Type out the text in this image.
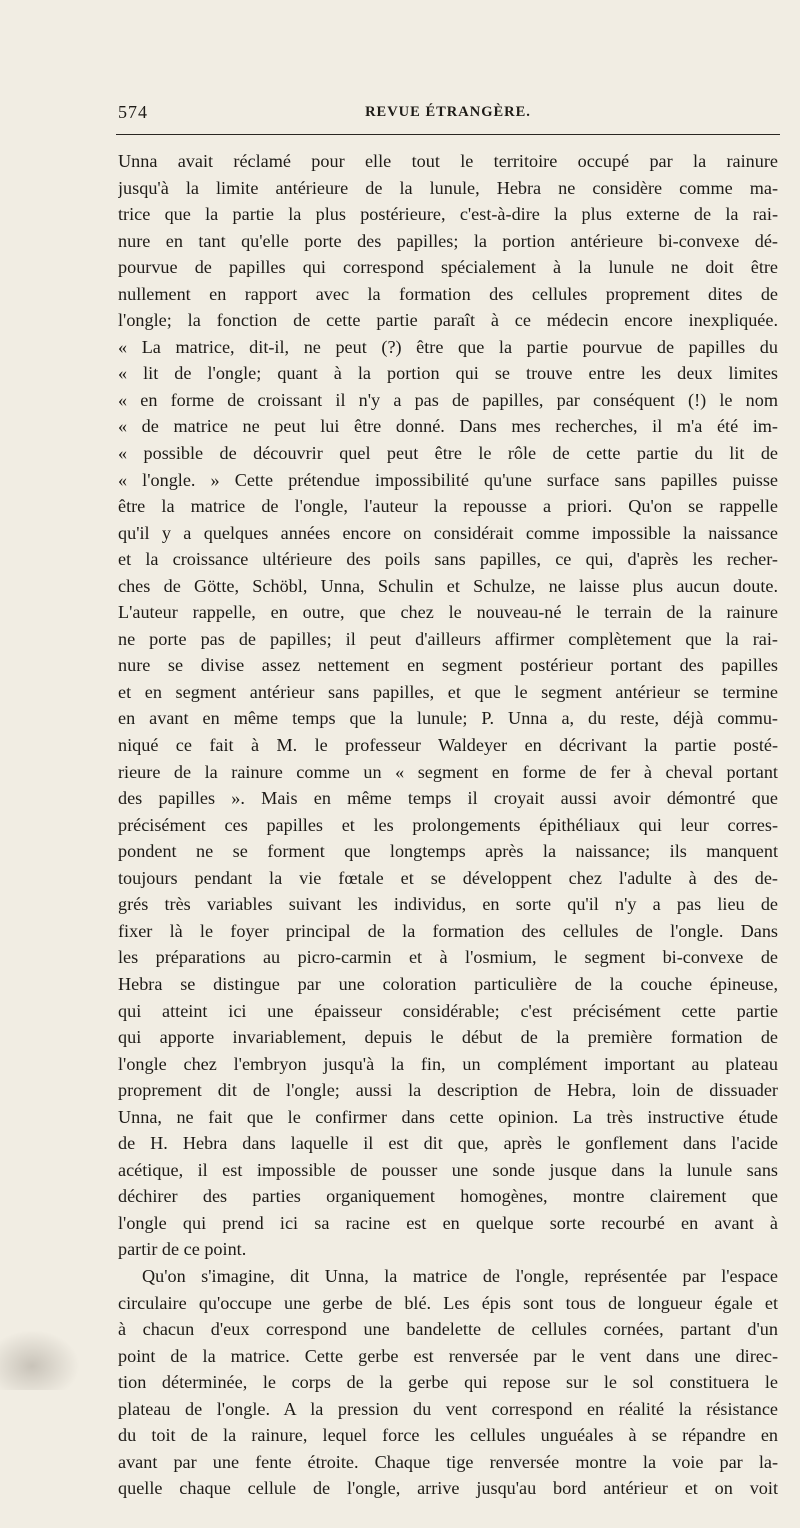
574	REVUE ÉTRANGÈRE.
Unna avait réclamé pour elle tout le territoire occupé par la rainure
jusqu'à la limite antérieure de la lunule, Hebra ne considère comme ma-
trice que la partie la plus postérieure, c'est-à-dire la plus externe de la rai-
nure en tant qu'elle porte des papilles; la portion antérieure bi-convexe dé-
pourvue de papilles qui correspond spécialement à la lunule ne doit être
nullement en rapport avec la formation des cellules proprement dites de
l'ongle; la fonction de cette partie paraît à ce médecin encore inexpliquée.
« La matrice, dit-il, ne peut (?) être que la partie pourvue de papilles du
« lit de l'ongle; quant à la portion qui se trouve entre les deux limites
« en forme de croissant il n'y a pas de papilles, par conséquent (!) le nom
« de matrice ne peut lui être donné. Dans mes recherches, il m'a été im-
« possible de découvrir quel peut être le rôle de cette partie du lit de
« l'ongle. » Cette prétendue impossibilité qu'une surface sans papilles puisse
être la matrice de l'ongle, l'auteur la repousse a priori. Qu'on se rappelle
qu'il y a quelques années encore on considérait comme impossible la naissance
et la croissance ultérieure des poils sans papilles, ce qui, d'après les recher-
ches de Götte, Schöbl, Unna, Schulin et Schulze, ne laisse plus aucun doute.
L'auteur rappelle, en outre, que chez le nouveau-né le terrain de la rainure
ne porte pas de papilles; il peut d'ailleurs affirmer complètement que la rai-
nure se divise assez nettement en segment postérieur portant des papilles
et en segment antérieur sans papilles, et que le segment antérieur se termine
en avant en même temps que la lunule; P. Unna a, du reste, déjà commu-
niqué ce fait à M. le professeur Waldeyer en décrivant la partie posté-
rieure de la rainure comme un « segment en forme de fer à cheval portant
des papilles ». Mais en même temps il croyait aussi avoir démontré que
précisément ces papilles et les prolongements épithéliaux qui leur corres-
pondent ne se forment que longtemps après la naissance; ils manquent
toujours pendant la vie fœtale et se développent chez l'adulte à des de-
grés très variables suivant les individus, en sorte qu'il n'y a pas lieu de
fixer là le foyer principal de la formation des cellules de l'ongle. Dans
les préparations au picro-carmin et à l'osmium, le segment bi-convexe de
Hebra se distingue par une coloration particulière de la couche épineuse,
qui atteint ici une épaisseur considérable; c'est précisément cette partie
qui apporte invariablement, depuis le début de la première formation de
l'ongle chez l'embryon jusqu'à la fin, un complément important au plateau
proprement dit de l'ongle; aussi la description de Hebra, loin de dissuader
Unna, ne fait que le confirmer dans cette opinion. La très instructive étude
de H. Hebra dans laquelle il est dit que, après le gonflement dans l'acide
acétique, il est impossible de pousser une sonde jusque dans la lunule sans
déchirer des parties organiquement homogènes, montre clairement que
l'ongle qui prend ici sa racine est en quelque sorte recourbé en avant à
partir de ce point.
Qu'on s'imagine, dit Unna, la matrice de l'ongle, représentée par l'espace
circulaire qu'occupe une gerbe de blé. Les épis sont tous de longueur égale et
à chacun d'eux correspond une bandelette de cellules cornées, partant d'un
point de la matrice. Cette gerbe est renversée par le vent dans une direc-
tion déterminée, le corps de la gerbe qui repose sur le sol constituera le
plateau de l'ongle. A la pression du vent correspond en réalité la résistance
du toit de la rainure, lequel force les cellules unguéales à se répandre en
avant par une fente étroite. Chaque tige renversée montre la voie par la-
quelle chaque cellule de l'ongle, arrive jusqu'au bord antérieur et on voit
